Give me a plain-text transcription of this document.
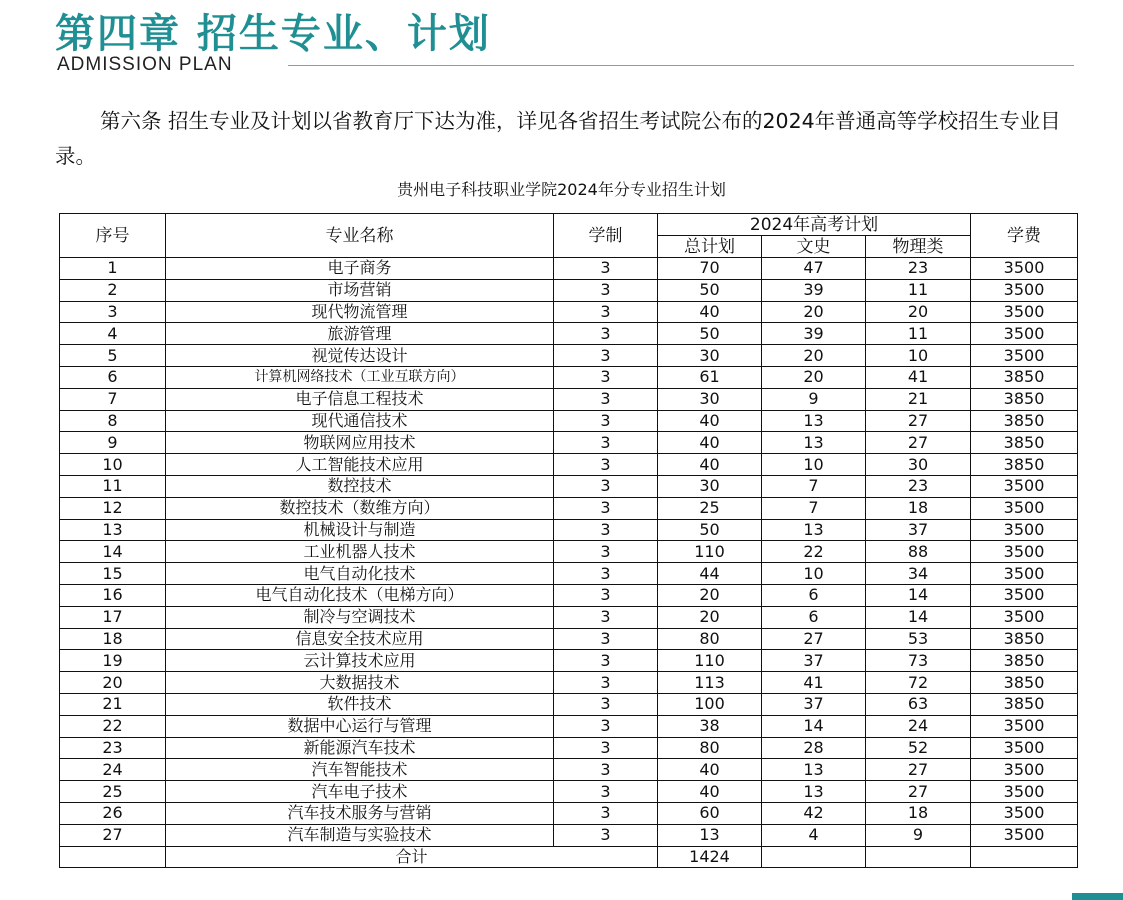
第四章 招生专业、计划
ADMISSION PLAN
第六条 招生专业及计划以省教育厅下达为准，详见各省招生考试院公布的2024年普通高等学校招生专业目录。
贵州电子科技职业学院2024年分专业招生计划
序号	专业名称	学制	2024年高考计划			学费
			总计划	文史	物理类	
1	电子商务	3	70	47	23	3500
2	市场营销	3	50	39	11	3500
3	现代物流管理	3	40	20	20	3500
4	旅游管理	3	50	39	11	3500
5	视觉传达设计	3	30	20	10	3500
6	计算机网络技术（工业互联方向）	3	61	20	41	3850
7	电子信息工程技术	3	30	9	21	3850
8	现代通信技术	3	40	13	27	3850
9	物联网应用技术	3	40	13	27	3850
10	人工智能技术应用	3	40	10	30	3850
11	数控技术	3	30	7	23	3500
12	数控技术（数维方向）	3	25	7	18	3500
13	机械设计与制造	3	50	13	37	3500
14	工业机器人技术	3	110	22	88	3500
15	电气自动化技术	3	44	10	34	3500
16	电气自动化技术（电梯方向）	3	20	6	14	3500
17	制冷与空调技术	3	20	6	14	3500
18	信息安全技术应用	3	80	27	53	3850
19	云计算技术应用	3	110	37	73	3850
20	大数据技术	3	113	41	72	3850
21	软件技术	3	100	37	63	3850
22	数据中心运行与管理	3	38	14	24	3500
23	新能源汽车技术	3	80	28	52	3500
24	汽车智能技术	3	40	13	27	3500
25	汽车电子技术	3	40	13	27	3500
26	汽车技术服务与营销	3	60	42	18	3500
27	汽车制造与实验技术	3	13	4	9	3500
	合计		1424			
